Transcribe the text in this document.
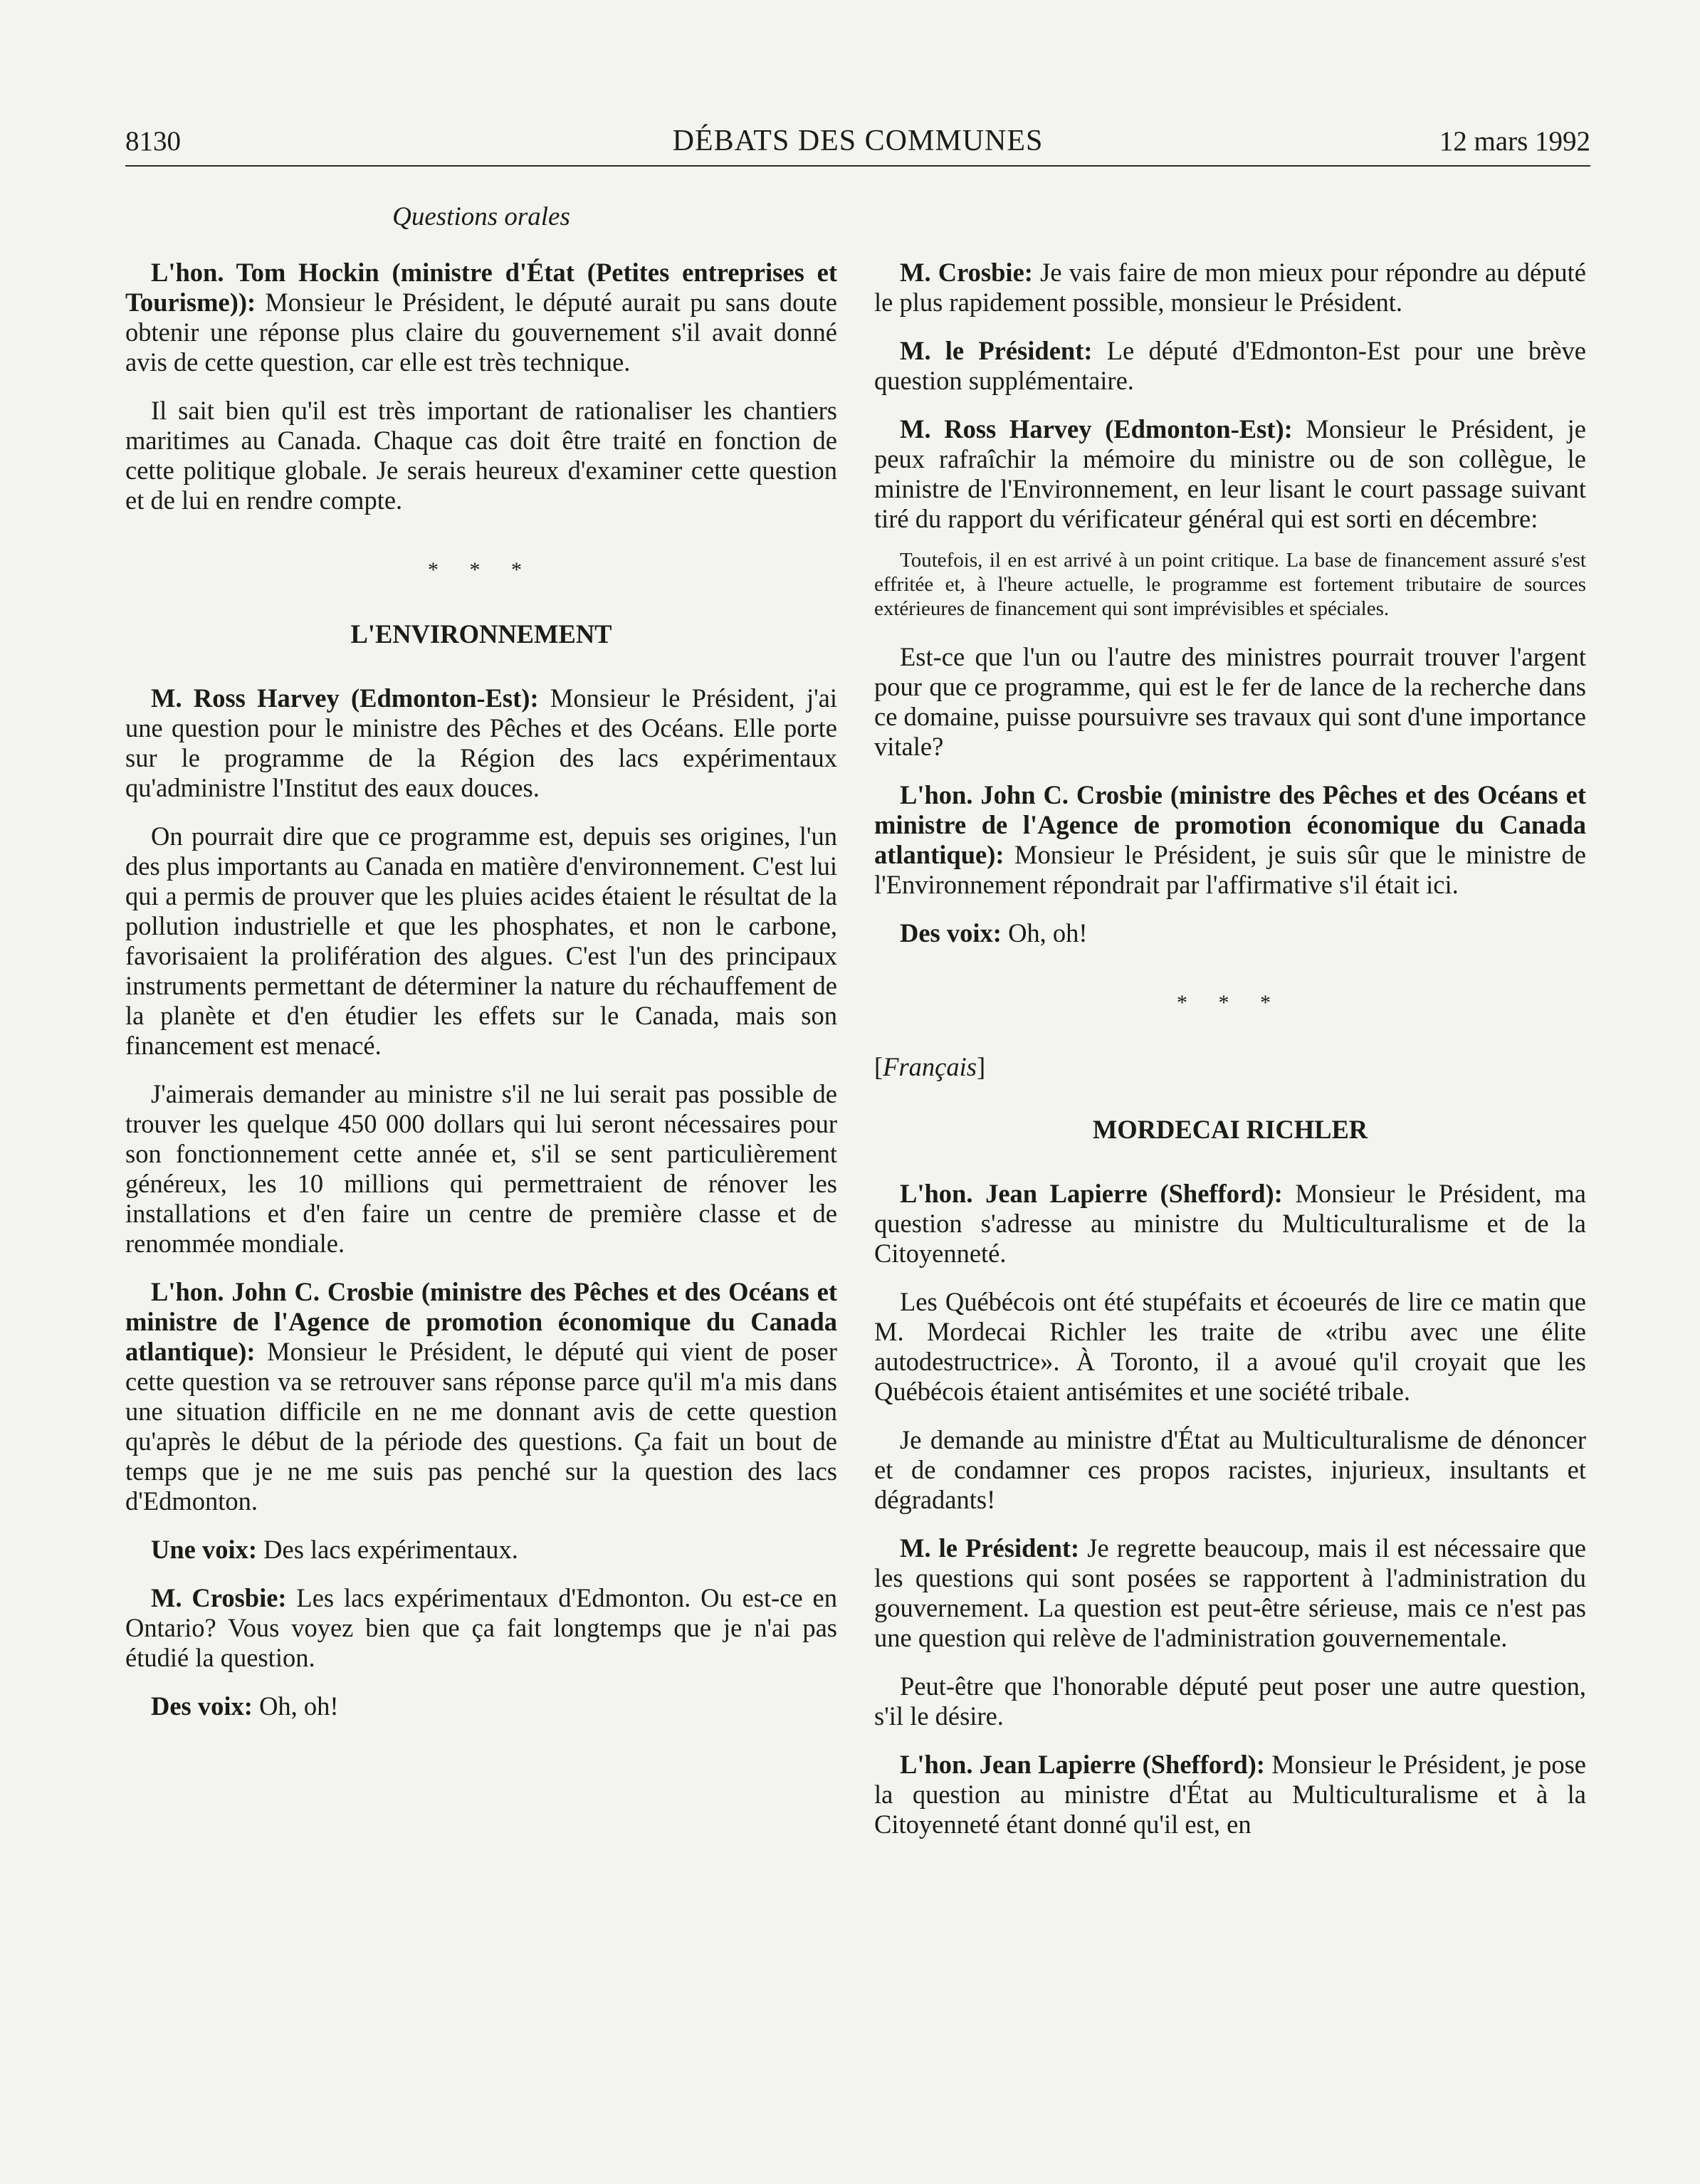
8130	DÉBATS DES COMMUNES	12 mars 1992
Questions orales

L'hon. Tom Hockin (ministre d'État (Petites entreprises et Tourisme)): Monsieur le Président, le député aurait pu sans doute obtenir une réponse plus claire du gouvernement s'il avait donné avis de cette question, car elle est très technique.

Il sait bien qu'il est très important de rationaliser les chantiers maritimes au Canada. Chaque cas doit être traité en fonction de cette politique globale. Je serais heureux d'examiner cette question et de lui en rendre compte.

* * *
L'ENVIRONNEMENT

M. Ross Harvey (Edmonton-Est): Monsieur le Président, j'ai une question pour le ministre des Pêches et des Océans. Elle porte sur le programme de la Région des lacs expérimentaux qu'administre l'Institut des eaux douces.

On pourrait dire que ce programme est, depuis ses origines, l'un des plus importants au Canada en matière d'environnement. C'est lui qui a permis de prouver que les pluies acides étaient le résultat de la pollution industrielle et que les phosphates, et non le carbone, favorisaient la prolifération des algues. C'est l'un des principaux instruments permettant de déterminer la nature du réchauffement de la planète et d'en étudier les effets sur le Canada, mais son financement est menacé.

J'aimerais demander au ministre s'il ne lui serait pas possible de trouver les quelque 450 000 dollars qui lui seront nécessaires pour son fonctionnement cette année et, s'il se sent particulièrement généreux, les 10 millions qui permettraient de rénover les installations et d'en faire un centre de première classe et de renommée mondiale.

L'hon. John C. Crosbie (ministre des Pêches et des Océans et ministre de l'Agence de promotion économique du Canada atlantique): Monsieur le Président, le député qui vient de poser cette question va se retrouver sans réponse parce qu'il m'a mis dans une situation difficile en ne me donnant avis de cette question qu'après le début de la période des questions. Ça fait un bout de temps que je ne me suis pas penché sur la question des lacs d'Edmonton.

Une voix: Des lacs expérimentaux.

M. Crosbie: Les lacs expérimentaux d'Edmonton. Ou est-ce en Ontario? Vous voyez bien que ça fait longtemps que je n'ai pas étudié la question.

Des voix: Oh, oh!

M. Crosbie: Je vais faire de mon mieux pour répondre au député le plus rapidement possible, monsieur le Président.

M. le Président: Le député d'Edmonton-Est pour une brève question supplémentaire.

M. Ross Harvey (Edmonton-Est): Monsieur le Président, je peux rafraîchir la mémoire du ministre ou de son collègue, le ministre de l'Environnement, en leur lisant le court passage suivant tiré du rapport du vérificateur général qui est sorti en décembre:

Toutefois, il en est arrivé à un point critique. La base de financement assuré s'est effritée et, à l'heure actuelle, le programme est fortement tributaire de sources extérieures de financement qui sont imprévisibles et spéciales.

Est-ce que l'un ou l'autre des ministres pourrait trouver l'argent pour que ce programme, qui est le fer de lance de la recherche dans ce domaine, puisse poursuivre ses travaux qui sont d'une importance vitale?

L'hon. John C. Crosbie (ministre des Pêches et des Océans et ministre de l'Agence de promotion économique du Canada atlantique): Monsieur le Président, je suis sûr que le ministre de l'Environnement répondrait par l'affirmative s'il était ici.

Des voix: Oh, oh!

* * *
[Français]
MORDECAI RICHLER

L'hon. Jean Lapierre (Shefford): Monsieur le Président, ma question s'adresse au ministre du Multiculturalisme et de la Citoyenneté.

Les Québécois ont été stupéfaits et écoeurés de lire ce matin que M. Mordecai Richler les traite de «tribu avec une élite autodestructrice». À Toronto, il a avoué qu'il croyait que les Québécois étaient antisémites et une société tribale.

Je demande au ministre d'État au Multiculturalisme de dénoncer et de condamner ces propos racistes, injurieux, insultants et dégradants!

M. le Président: Je regrette beaucoup, mais il est nécessaire que les questions qui sont posées se rapportent à l'administration du gouvernement. La question est peut-être sérieuse, mais ce n'est pas une question qui relève de l'administration gouvernementale.

Peut-être que l'honorable député peut poser une autre question, s'il le désire.

L'hon. Jean Lapierre (Shefford): Monsieur le Président, je pose la question au ministre d'État au Multiculturalisme et à la Citoyenneté étant donné qu'il est, en
